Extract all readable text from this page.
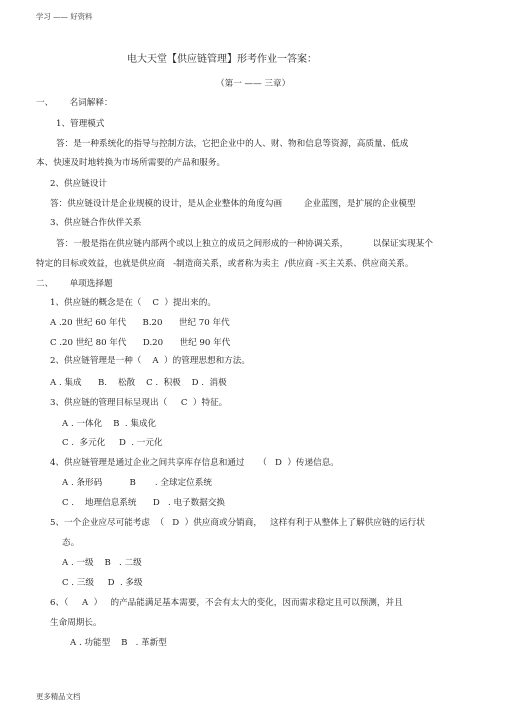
学习 —— 好资料
电大天堂【供应链管理】形考作业一答案：
（第一 —— 三章）
一、      名词解释：
1、管理模式
答：是一种系统化的指导与控制方法，它把企业中的人、财、物和信息等资源，高质量、低成
本、快速及时地转换为市场所需要的产品和服务。
2、供应链设计
答：供应链设计是企业规模的设计，是从企业整体的角度勾画        企业蓝图，是扩展的企业模型
3、供应链合作伙伴关系
答：一般是指在供应链内部两个或以上独立的成员之间形成的一种协调关系，         以保证实现某个
特定的目标或效益，也就是供应商   -制造商关系，或者称为卖主  /供应商 -买主关系、供应商关系。
二、      单项选择题
1、供应链的概念是在（    C  ）提出来的。
A .20 世纪 60 年代      B.20      世纪 70 年代
C .20 世纪 80 年代      D.20      世纪 90 年代
2、供应链管理是一种（    A  ）的管理思想和方法。
A . 集成      B.    松散    C .  积极    D .  消极
3、供应链的管理目标呈现出（     C  ）特征。
A . 一体化    B  . 集成化
C .  多元化     D  . 一元化
4、供应链管理是通过企业之间共享库存信息和通过     （   D  ）传递信息。
A . 条形码          B       . 全球定位系统
C .    地理信息系统      D   . 电子数据交换
5、一个企业应尽可能考虑  （   D  ）供应商或分销商，   这样有利于从整体上了解供应链的运行状
态。
A . 一级    B   . 二级
C . 三级     D  . 多级
6、（     A  ）   的产品能满足基本需要，不会有太大的变化，因而需求稳定且可以预测，并且
生命周期长。
A . 功能型    B   . 革新型
更多精品文档
